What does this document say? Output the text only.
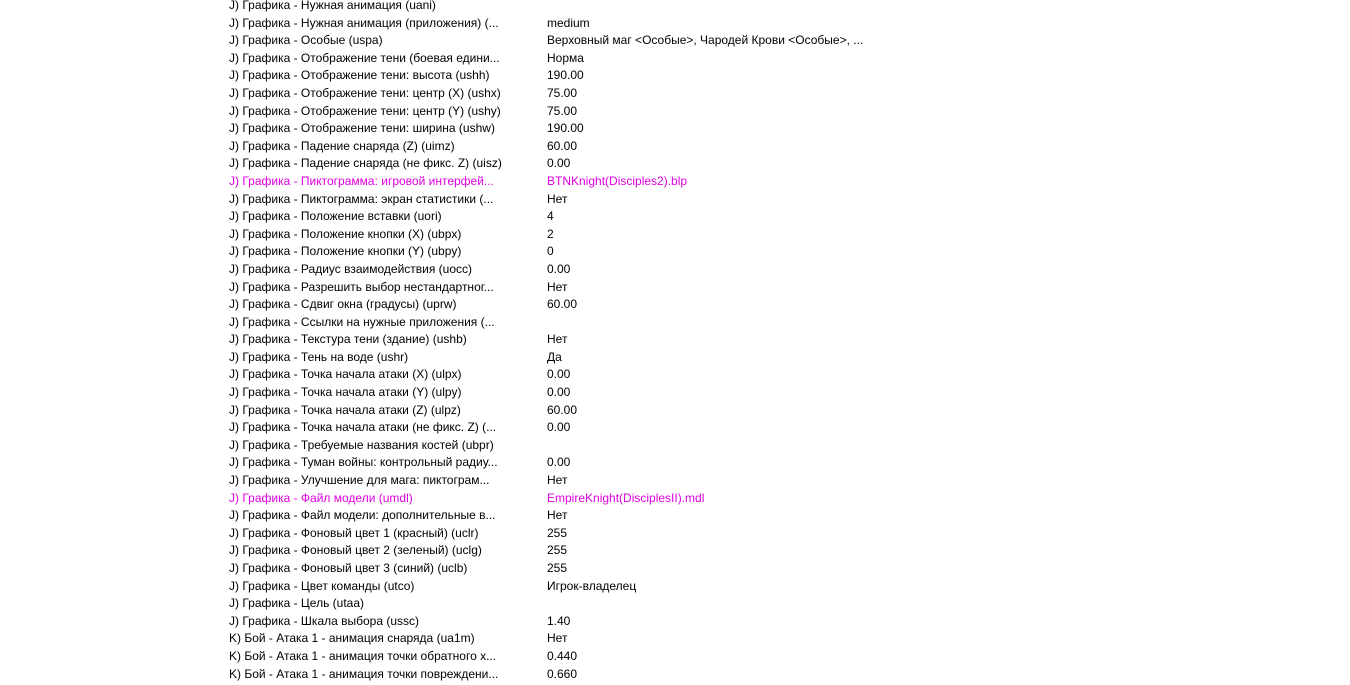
J) Графика - Нужная анимация (uani)
J) Графика - Нужная анимация (приложения) (...	medium
J) Графика - Особые (uspa)	Верховный маг <Особые>, Чародей Крови <Особые>, ...
J) Графика - Отображение тени (боевая едини...	Норма
J) Графика - Отображение тени: высота (ushh)	190.00
J) Графика - Отображение тени: центр (X) (ushx)	75.00
J) Графика - Отображение тени: центр (Y) (ushy)	75.00
J) Графика - Отображение тени: ширина (ushw)	190.00
J) Графика - Падение снаряда (Z) (uimz)	60.00
J) Графика - Падение снаряда (не фикс. Z) (uisz)	0.00
J) Графика - Пиктограмма: игровой интерфей...	BTNKnight(Disciples2).blp
J) Графика - Пиктограмма: экран статистики (...	Нет
J) Графика - Положение вставки (uori)	4
J) Графика - Положение кнопки (X) (ubpx)	2
J) Графика - Положение кнопки (Y) (ubpy)	0
J) Графика - Радиус взаимодействия (uocc)	0.00
J) Графика - Разрешить выбор нестандартног...	Нет
J) Графика - Сдвиг окна (градусы) (uprw)	60.00
J) Графика - Ссылки на нужные приложения (...
J) Графика - Текстура тени (здание) (ushb)	Нет
J) Графика - Тень на воде (ushr)	Да
J) Графика - Точка начала атаки (X) (ulpx)	0.00
J) Графика - Точка начала атаки (Y) (ulpy)	0.00
J) Графика - Точка начала атаки (Z) (ulpz)	60.00
J) Графика - Точка начала атаки (не фикс. Z) (...	0.00
J) Графика - Требуемые названия костей (ubpr)
J) Графика - Туман войны: контрольный радиу...	0.00
J) Графика - Улучшение для мага: пиктограм...	Нет
J) Графика - Файл модели (umdl)	EmpireKnight(DisciplesII).mdl
J) Графика - Файл модели: дополнительные в...	Нет
J) Графика - Фоновый цвет 1 (красный) (uclr)	255
J) Графика - Фоновый цвет 2 (зеленый) (uclg)	255
J) Графика - Фоновый цвет 3 (синий) (uclb)	255
J) Графика - Цвет команды (utco)	Игрок-владелец
J) Графика - Цель (utaa)
J) Графика - Шкала выбора (ussc)	1.40
K) Бой - Атака 1 - анимация снаряда (ua1m)	Нет
K) Бой - Атака 1 - анимация точки обратного х...	0.440
K) Бой - Атака 1 - анимация точки повреждени...	0.660
